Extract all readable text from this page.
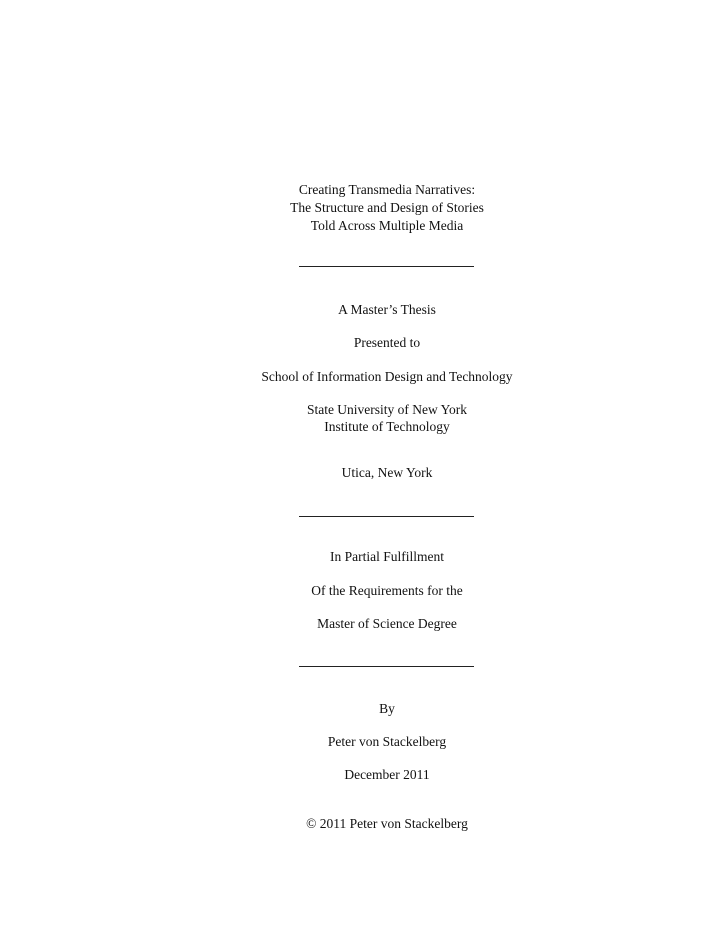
Creating Transmedia Narratives:
The Structure and Design of Stories
Told Across Multiple Media
A Master’s Thesis
Presented to
School of Information Design and Technology
State University of New York
Institute of Technology
Utica, New York
In Partial Fulfillment
Of the Requirements for the
Master of Science Degree
By
Peter von Stackelberg
December 2011
© 2011 Peter von Stackelberg
